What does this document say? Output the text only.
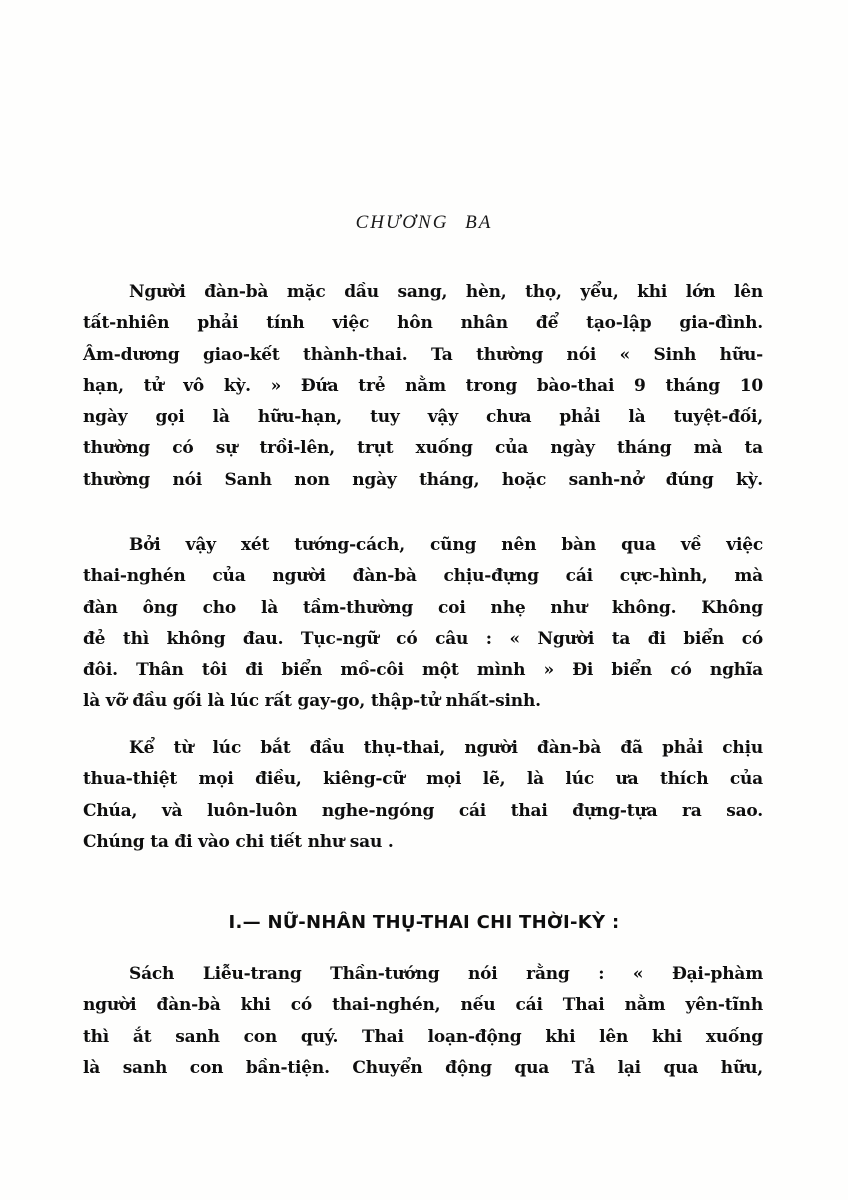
CHƯƠNG BA
Người đàn-bà mặc dầu sang, hèn, thọ, yểu, khi lớn lên
tất-nhiên phải tính việc hôn nhân để tạo-lập gia-đình.
Âm-dương giao-kết thành-thai. Ta thường nói « Sinh hữu-
hạn, tử vô kỳ. » Đứa trẻ nằm trong bào-thai 9 tháng 10
ngày gọi là hữu-hạn, tuy vậy chưa phải là tuyệt-đối,
thường có sự trồi-lên, trụt xuống của ngày tháng mà ta
thường nói Sanh non ngày tháng, hoặc sanh-nở đúng kỳ.
Bởi vậy xét tướng-cách, cũng nên bàn qua về việc
thai-nghén của người đàn-bà chịu-đựng cái cực-hình, mà
đàn ông cho là tầm-thường coi nhẹ như không. Không
đẻ thì không đau. Tục-ngữ có câu : « Người ta đi biển có
đôi. Thân tôi đi biển mồ-côi một mình » Đi biển có nghĩa
là vỡ đầu gối là lúc rất gay-go, thập-tử nhất-sinh.
Kể từ lúc bắt đầu thụ-thai, người đàn-bà đã phải chịu
thua-thiệt mọi điều, kiêng-cữ mọi lẽ, là lúc ưa thích của
Chúa, và luôn-luôn nghe-ngóng cái thai đựng-tựa ra sao.
Chúng ta đi vào chi tiết như sau .
I.— NỮ-NHÂN THỤ-THAI CHI THỜI-KỲ :
Sách Liễu-trang Thần-tướng nói rằng : « Đại-phàm
người đàn-bà khi có thai-nghén, nếu cái Thai nằm yên-tĩnh
thì ắt sanh con quý. Thai loạn-động khi lên khi xuống
là sanh con bần-tiện. Chuyển động qua Tả lại qua hữu,
